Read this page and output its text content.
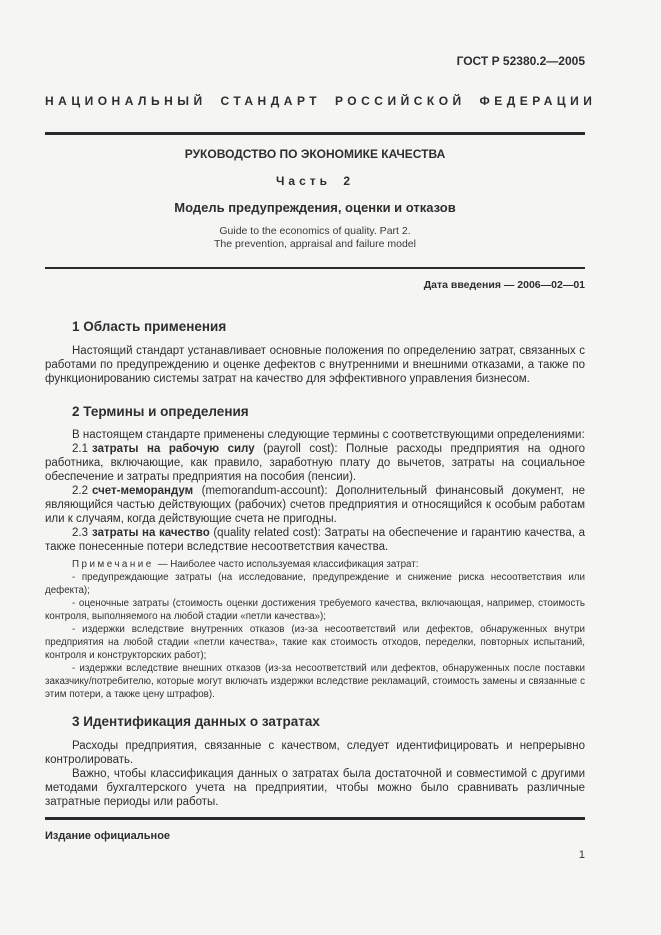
ГОСТ Р 52380.2—2005
НАЦИОНАЛЬНЫЙ СТАНДАРТ РОССИЙСКОЙ ФЕДЕРАЦИИ
РУКОВОДСТВО ПО ЭКОНОМИКЕ КАЧЕСТВА
Часть 2
Модель предупреждения, оценки и отказов
Guide to the economics of quality. Part 2.
The prevention, appraisal and failure model
Дата введения — 2006—02—01
1 Область применения

Настоящий стандарт устанавливает основные положения по определению затрат, связанных с работами по предупреждению и оценке дефектов с внутренними и внешними отказами, а также по функционированию системы затрат на качество для эффективного управления бизнесом.

2 Термины и определения

В настоящем стандарте применены следующие термины с соответствующими определениями:

2.1 затраты на рабочую силу (payroll cost): Полные расходы предприятия на одного работника, включающие, как правило, заработную плату до вычетов, затраты на социальное обеспечение и затраты предприятия на пособия (пенсии).

2.2 счет-меморандум (memorandum-account): Дополнительный финансовый документ, не являющийся частью действующих (рабочих) счетов предприятия и относящийся к особым работам или к случаям, когда действующие счета не пригодны.

2.3 затраты на качество (quality related cost): Затраты на обеспечение и гарантию качества, а также понесенные потери вследствие несоответствия качества.

Примечание — Наиболее часто используемая классификация затрат:

- предупреждающие затраты (на исследование, предупреждение и снижение риска несоответствия или дефекта);

- оценочные затраты (стоимость оценки достижения требуемого качества, включающая, например, стоимость контроля, выполняемого на любой стадии «петли качества»);

- издержки вследствие внутренних отказов (из-за несоответствий или дефектов, обнаруженных внутри предприятия на любой стадии «петли качества», такие как стоимость отходов, переделки, повторных испытаний, контроля и конструкторских работ);

- издержки вследствие внешних отказов (из-за несоответствий или дефектов, обнаруженных после поставки заказчику/потребителю, которые могут включать издержки вследствие рекламаций, стоимость замены и связанные с этим потери, а также цену штрафов).

3 Идентификация данных о затратах

Расходы предприятия, связанные с качеством, следует идентифицировать и непрерывно контролировать.

Важно, чтобы классификация данных о затратах была достаточной и совместимой с другими методами бухгалтерского учета на предприятии, чтобы можно было сравнивать различные затратные периоды или работы.

Издание официальное
1
